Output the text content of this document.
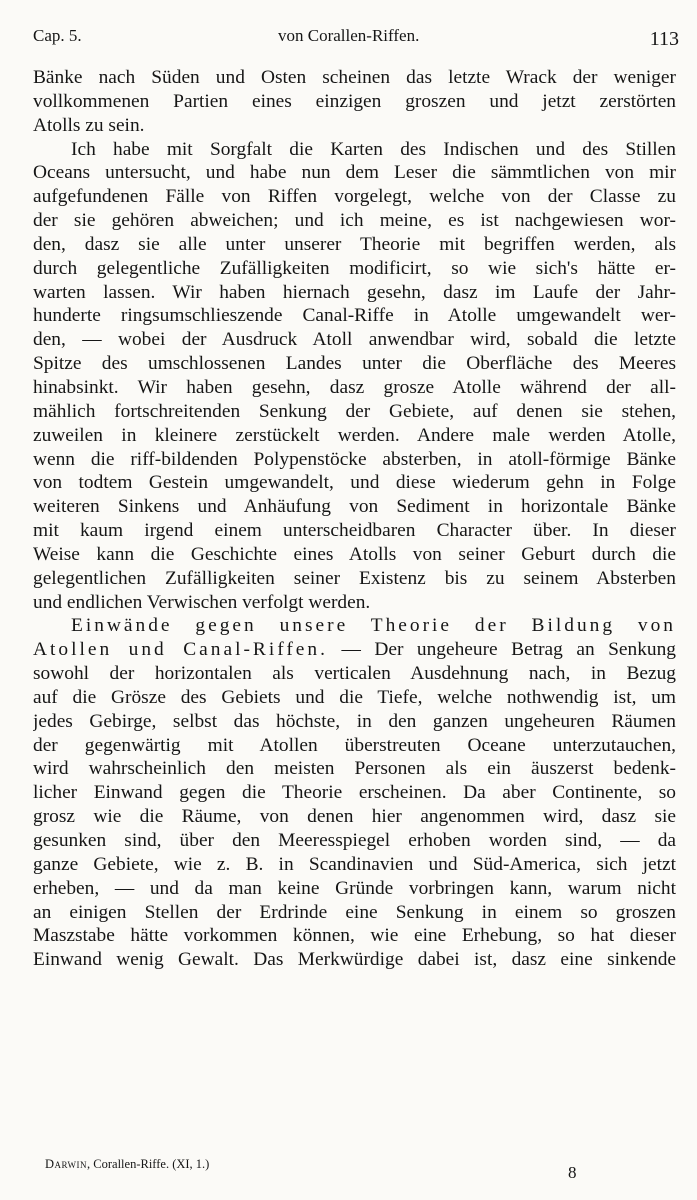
Cap. 5.	von Corallen-Riffen.	113
Bänke nach Süden und Osten scheinen das letzte Wrack der weniger
vollkommenen Partien eines einzigen groszen und jetzt zerstörten
Atolls zu sein.
Ich habe mit Sorgfalt die Karten des Indischen und des Stillen
Oceans untersucht, und habe nun dem Leser die sämmtlichen von mir
aufgefundenen Fälle von Riffen vorgelegt, welche von der Classe zu
der sie gehören abweichen; und ich meine, es ist nachgewiesen wor-
den, dasz sie alle unter unserer Theorie mit begriffen werden, als
durch gelegentliche Zufälligkeiten modificirt, so wie sich's hätte er-
warten lassen. Wir haben hiernach gesehn, dasz im Laufe der Jahr-
hunderte ringsumschlieszende Canal-Riffe in Atolle umgewandelt wer-
den, — wobei der Ausdruck Atoll anwendbar wird, sobald die letzte
Spitze des umschlossenen Landes unter die Oberfläche des Meeres
hinabsinkt. Wir haben gesehn, dasz grosze Atolle während der all-
mählich fortschreitenden Senkung der Gebiete, auf denen sie stehen,
zuweilen in kleinere zerstückelt werden. Andere male werden Atolle,
wenn die riff-bildenden Polypenstöcke absterben, in atoll-förmige Bänke
von todtem Gestein umgewandelt, und diese wiederum gehn in Folge
weiteren Sinkens und Anhäufung von Sediment in horizontale Bänke
mit kaum irgend einem unterscheidbaren Character über. In dieser
Weise kann die Geschichte eines Atolls von seiner Geburt durch die
gelegentlichen Zufälligkeiten seiner Existenz bis zu seinem Absterben
und endlichen Verwischen verfolgt werden.
Einwände gegen unsere Theorie der Bildung von
Atollen und Canal-Riffen. — Der ungeheure Betrag an Senkung
sowohl der horizontalen als verticalen Ausdehnung nach, in Bezug
auf die Grösze des Gebiets und die Tiefe, welche nothwendig ist, um
jedes Gebirge, selbst das höchste, in den ganzen ungeheuren Räumen
der gegenwärtig mit Atollen überstreuten Oceane unterzutauchen,
wird wahrscheinlich den meisten Personen als ein äuszerst bedenk-
licher Einwand gegen die Theorie erscheinen. Da aber Continente, so
grosz wie die Räume, von denen hier angenommen wird, dasz sie
gesunken sind, über den Meeresspiegel erhoben worden sind, — da
ganze Gebiete, wie z. B. in Scandinavien und Süd-America, sich jetzt
erheben, — und da man keine Gründe vorbringen kann, warum nicht
an einigen Stellen der Erdrinde eine Senkung in einem so groszen
Maszstabe hätte vorkommen können, wie eine Erhebung, so hat dieser
Einwand wenig Gewalt. Das Merkwürdige dabei ist, dasz eine sinkende
Darwin, Corallen-Riffe. (XI, 1.)	8
